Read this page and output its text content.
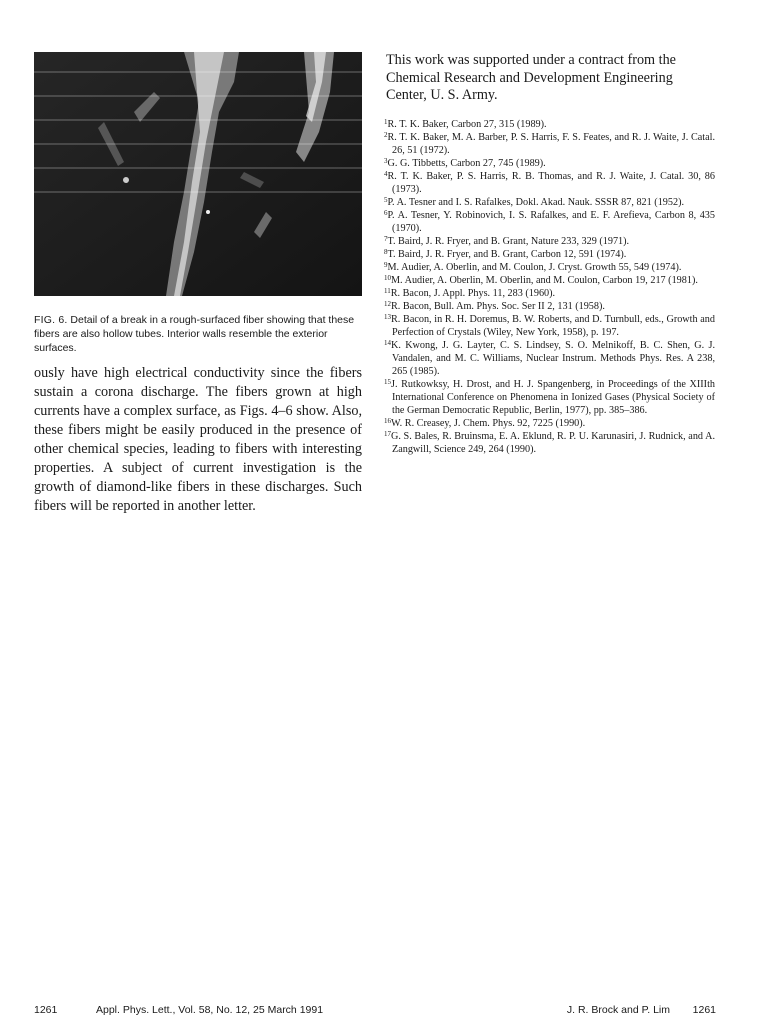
FIG. 6. Detail of a break in a rough-surfaced fiber showing that these fibers are also hollow tubes. Interior walls resemble the exterior surfaces.

ously have high electrical conductivity since the fibers sustain a corona discharge. The fibers grown at high currents have a complex surface, as Figs. 4–6 show. Also, these fibers might be easily produced in the presence of other chemical species, leading to fibers with interesting properties. A subject of current investigation is the growth of diamond-like fibers in these discharges. Such fibers will be reported in another letter.

This work was supported under a contract from the Chemical Research and Development Engineering Center, U. S. Army.

$^1$R. T. K. Baker, Carbon 27, 315 (1989).
$^2$R. T. K. Baker, M. A. Barber, P. S. Harris, F. S. Feates, and R. J. Waite, J. Catal. 26, 51 (1972).
$^3$G. G. Tibbetts, Carbon 27, 745 (1989).
$^4$R. T. K. Baker, P. S. Harris, R. B. Thomas, and R. J. Waite, J. Catal. 30, 86 (1973).
$^5$P. A. Tesner and I. S. Rafalkes, Dokl. Akad. Nauk. SSSR 87, 821 (1952).
$^6$P. A. Tesner, Y. Robinovich, I. S. Rafalkes, and E. F. Arefieva, Carbon 8, 435 (1970).
$^7$T. Baird, J. R. Fryer, and B. Grant, Nature 233, 329 (1971).
$^8$T. Baird, J. R. Fryer, and B. Grant, Carbon 12, 591 (1974).
$^9$M. Audier, A. Oberlin, and M. Coulon, J. Cryst. Growth 55, 549 (1974).
$^{10}$M. Audier, A. Oberlin, M. Oberlin, and M. Coulon, Carbon 19, 217 (1981).
$^{11}$R. Bacon, J. Appl. Phys. 11, 283 (1960).
$^{12}$R. Bacon, Bull. Am. Phys. Soc. Ser II 2, 131 (1958).
$^{13}$R. Bacon, in R. H. Doremus, B. W. Roberts, and D. Turnbull, eds., Growth and Perfection of Crystals (Wiley, New York, 1958), p. 197.
$^{14}$K. Kwong, J. G. Layter, C. S. Lindsey, S. O. Melnikoff, B. C. Shen, G. J. Vandalen, and M. C. Williams, Nuclear Instrum. Methods Phys. Res. A 238, 265 (1985).
$^{15}$J. Rutkowksy, H. Drost, and H. J. Spangenberg, in Proceedings of the XIIIth International Conference on Phenomena in Ionized Gases (Physical Society of the German Democratic Republic, Berlin, 1977), pp. 385–386.
$^{16}$W. R. Creasey, J. Chem. Phys. 92, 7225 (1990).
$^{17}$G. S. Bales, R. Bruinsma, E. A. Eklund, R. P. U. Karunasiri, J. Rudnick, and A. Zangwill, Science 249, 264 (1990).
1261	Appl. Phys. Lett., Vol. 58, No. 12, 25 March 1991	J. R. Brock and P. Lim 1261
